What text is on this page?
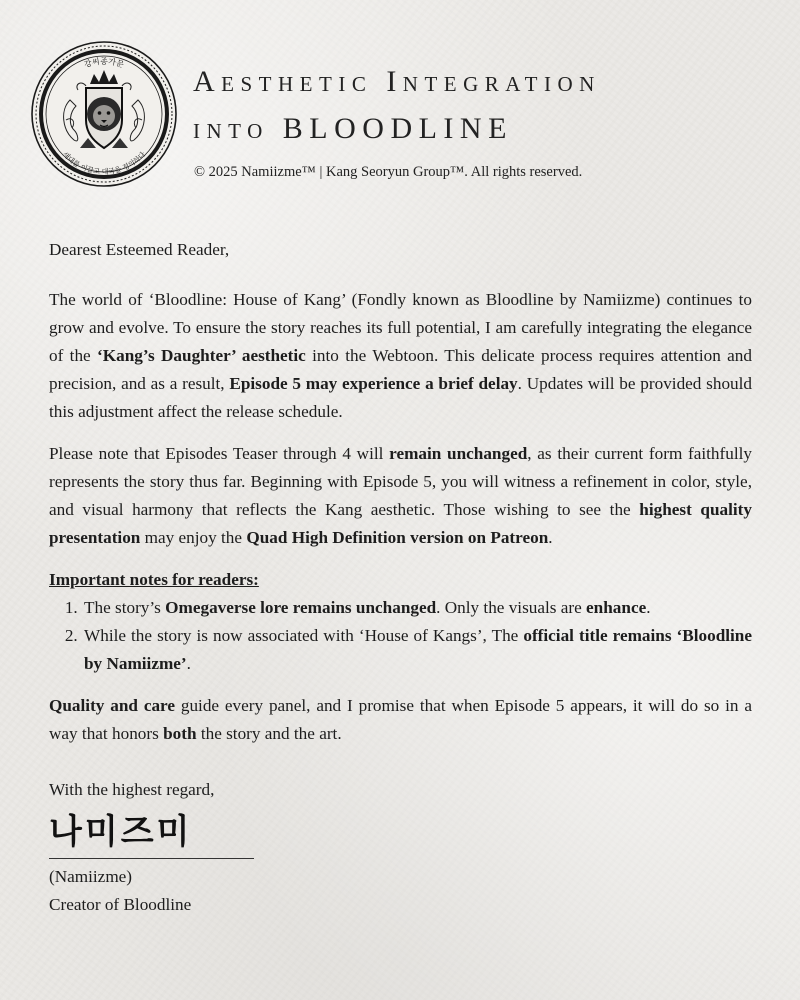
강씨종가문
새대를 이끌고 대국을 정의하다
Aesthetic Integration
into BLOODLINE
© 2025 Namiizme™ | Kang Seoryun Group™. All rights reserved.

Dearest Esteemed Reader,

The world of ‘Bloodline: House of Kang’ (Fondly known as Bloodline by Namiizme) continues to grow and evolve. To ensure the story reaches its full potential, I am carefully integrating the elegance of the ‘Kang’s Daughter’ aesthetic into the Webtoon. This delicate process requires attention and precision, and as a result, Episode 5 may experience a brief delay. Updates will be provided should this adjustment affect the release schedule.

Please note that Episodes Teaser through 4 will remain unchanged, as their current form faithfully represents the story thus far. Beginning with Episode 5, you will witness a refinement in color, style, and visual harmony that reflects the Kang aesthetic. Those wishing to see the highest quality presentation may enjoy the Quad High Definition version on Patreon.

Important notes for readers:

1. The story’s Omegaverse lore remains unchanged. Only the visuals are enhance.
2. While the story is now associated with ‘House of Kangs’, The official title remains ‘Bloodline by Namiizme’.

Quality and care guide every panel, and I promise that when Episode 5 appears, it will do so in a way that honors both the story and the art.

With the highest regard,

나미즈미

(Namiizme)

Creator of Bloodline
